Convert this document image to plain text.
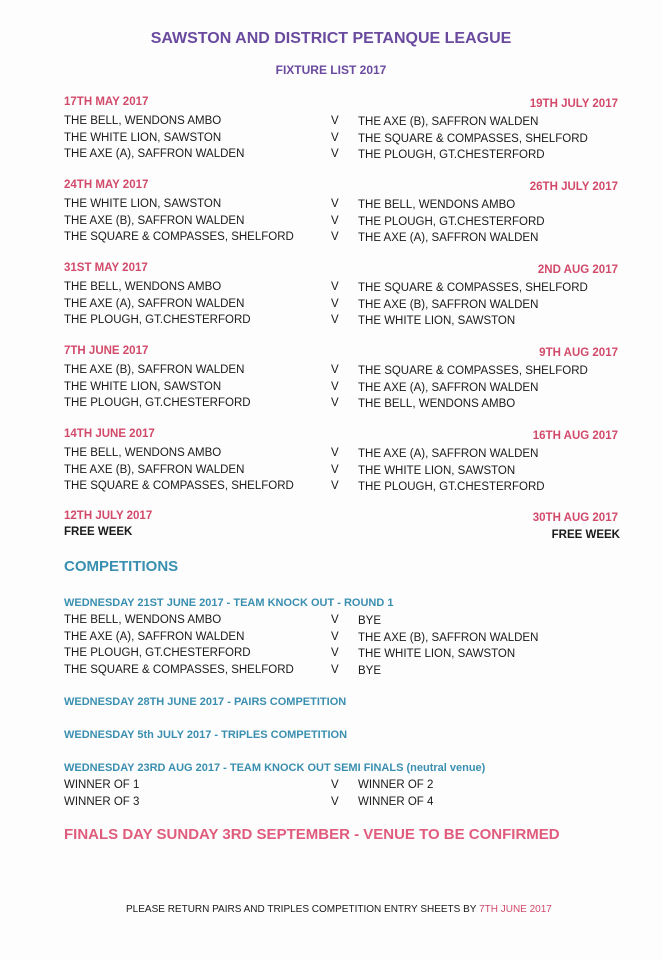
SAWSTON AND DISTRICT PETANQUE LEAGUE
FIXTURE LIST 2017
17TH MAY 2017	19TH JULY 2017
THE BELL, WENDONS AMBO	V THE AXE (B), SAFFRON WALDEN
THE WHITE LION, SAWSTON	V THE SQUARE & COMPASSES, SHELFORD
THE AXE (A), SAFFRON WALDEN	V THE PLOUGH, GT.CHESTERFORD
24TH MAY 2017	26TH JULY 2017
THE WHITE LION, SAWSTON	V THE BELL, WENDONS AMBO
THE AXE (B), SAFFRON WALDEN	V THE PLOUGH, GT.CHESTERFORD
THE SQUARE & COMPASSES, SHELFORD	V THE AXE (A), SAFFRON WALDEN
31ST MAY 2017	2ND AUG 2017
THE BELL, WENDONS AMBO	V THE SQUARE & COMPASSES, SHELFORD
THE AXE (A), SAFFRON WALDEN	V THE AXE (B), SAFFRON WALDEN
THE PLOUGH, GT.CHESTERFORD	V THE WHITE LION, SAWSTON
7TH JUNE 2017	9TH AUG 2017
THE AXE (B), SAFFRON WALDEN	V THE SQUARE & COMPASSES, SHELFORD
THE WHITE LION, SAWSTON	V THE AXE (A), SAFFRON WALDEN
THE PLOUGH, GT.CHESTERFORD	V THE BELL, WENDONS AMBO
14TH JUNE 2017	16TH AUG 2017
THE BELL, WENDONS AMBO	V THE AXE (A), SAFFRON WALDEN
THE AXE (B), SAFFRON WALDEN	V THE WHITE LION, SAWSTON
THE SQUARE & COMPASSES, SHELFORD	V THE PLOUGH, GT.CHESTERFORD
12TH JULY 2017
FREE WEEK
30TH AUG 2017
FREE WEEK
COMPETITIONS
WEDNESDAY 21ST JUNE 2017 - TEAM KNOCK OUT - ROUND 1
THE BELL, WENDONS AMBO	V BYE
THE AXE (A), SAFFRON WALDEN	V THE AXE (B), SAFFRON WALDEN
THE PLOUGH, GT.CHESTERFORD	V THE WHITE LION, SAWSTON
THE SQUARE & COMPASSES, SHELFORD	V BYE
WEDNESDAY 28TH JUNE 2017 - PAIRS COMPETITION
WEDNESDAY 5th JULY 2017 - TRIPLES COMPETITION
WEDNESDAY 23RD AUG 2017 - TEAM KNOCK OUT SEMI FINALS (neutral venue)
WINNER OF 1	V WINNER OF 2
WINNER OF 3	V WINNER OF 4
FINALS DAY SUNDAY 3RD SEPTEMBER - VENUE TO BE CONFIRMED
PLEASE RETURN PAIRS AND TRIPLES COMPETITION ENTRY SHEETS BY 7TH JUNE 2017
